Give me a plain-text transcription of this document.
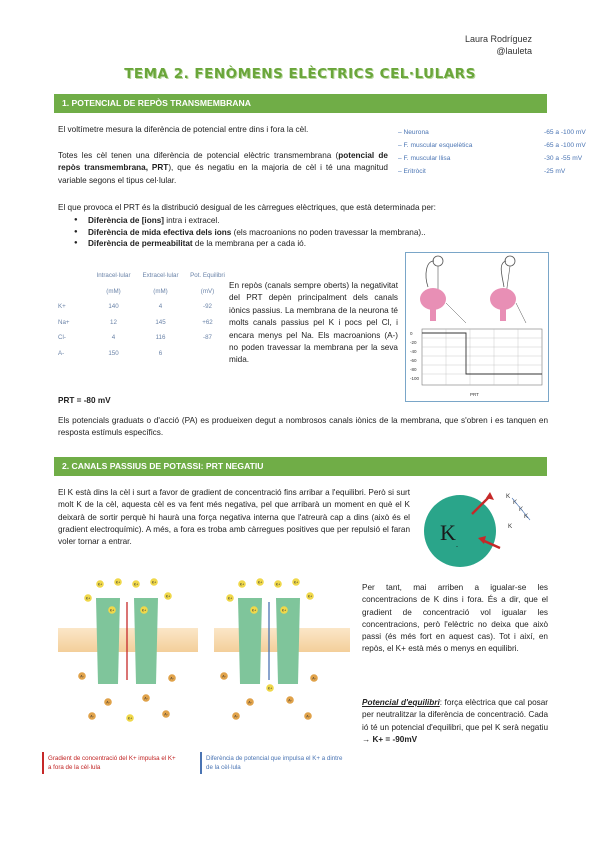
Laura Rodríguez
@lauleta
TEMA 2. FENÒMENS ELÈCTRICS CEL·LULARS
1. POTENCIAL DE REPÒS TRANSMEMBRANA
El voltímetre mesura la diferència de potencial entre dins i fora la cèl.
Totes les cèl tenen una diferència de potencial elèctric transmembrana (potencial de repòs transmembrana, PRT), que és negatiu en la majoria de cèl i té una magnitud variable segons el tipus cel·lular.
– Neurona	-65 a -100 mV
– F. muscular esquelètica	-65 a -100 mV
– F. muscular llisa	-30 a -55 mV
– Eritròcit	-25 mV
El que provoca el PRT és la distribució desigual de les càrregues elèctriques, que està determinada per:
● Diferència de [ions] intra i extracel.
● Diferència de mida efectiva dels ions (els macroanions no poden travessar la membrana)..
● Diferència de permeabilitat de la membrana per a cada ió.
	Intracel·lular	Extracel·lular	Pot. Equilibri
	(mM)	(mM)	(mV)
K+	140	4	-92
Na+	12	145	+62
Cl-	4	116	-87
A-	150	6	
En repòs (canals sempre oberts) la negativitat del PRT depèn principalment dels canals iònics passius. La membrana de la neurona té molts canals passius pel K i pocs pel Cl, i encara menys pel Na. Els macroanions (A-) no poden travessar la membrana per la seva mida.
PRT = -80 mV
0
-20
-40
-60
-80
-100
PRT
Els potencials graduats o d'acció (PA) es produeixen degut a nombrosos canals iònics de la membrana, que s'obren i es tanquen en resposta estímuls específics.
2. CANALS PASSIUS DE POTASSI: PRT NEGATIU
El K està dins la cèl i surt a favor de gradient de concentració fins arribar a l'equilibri. Però si surt molt K de la cèl, aquesta cèl es va fent més negativa, pel que arribarà un moment en què el K deixarà de sortir perquè hi haurà una força negativa interna que l'atreurà cap a dins (això és el gradient electroquímic). A més, a fora es troba amb càrregues positives que per repulsió el faran voler tornar a entrar.	K
-
K
K
K
K
K
K+	K+	K+	K+
K+	K+
K+	K+
A-
A-
A-
A-
A-	K+
A-
K+	K+	K+	K+
K+	K+
K+	K+
A-
A-
K+
A-
A-
A-	A-
Gradient de concentració del K+ impulsa el K+ a fora de la cèl·lula
Diferència de potencial que impulsa el K+ a dintre de la cèl·lula
Per tant, mai arriben a igualar-se les concentracions de K dins i fora. És a dir, que el gradient de concentració vol igualar les concentracions, però l'elèctric no deixa que això passi (és més fort en aquest cas). Tot i així, en repòs, el K+ està més o menys en equilibri.
Potencial d'equilibri: força elèctrica que cal posar per neutralitzar la diferència de concentració. Cada ió té un potencial d'equilibri, que pel K serà negatiu → K+ = -90mV
